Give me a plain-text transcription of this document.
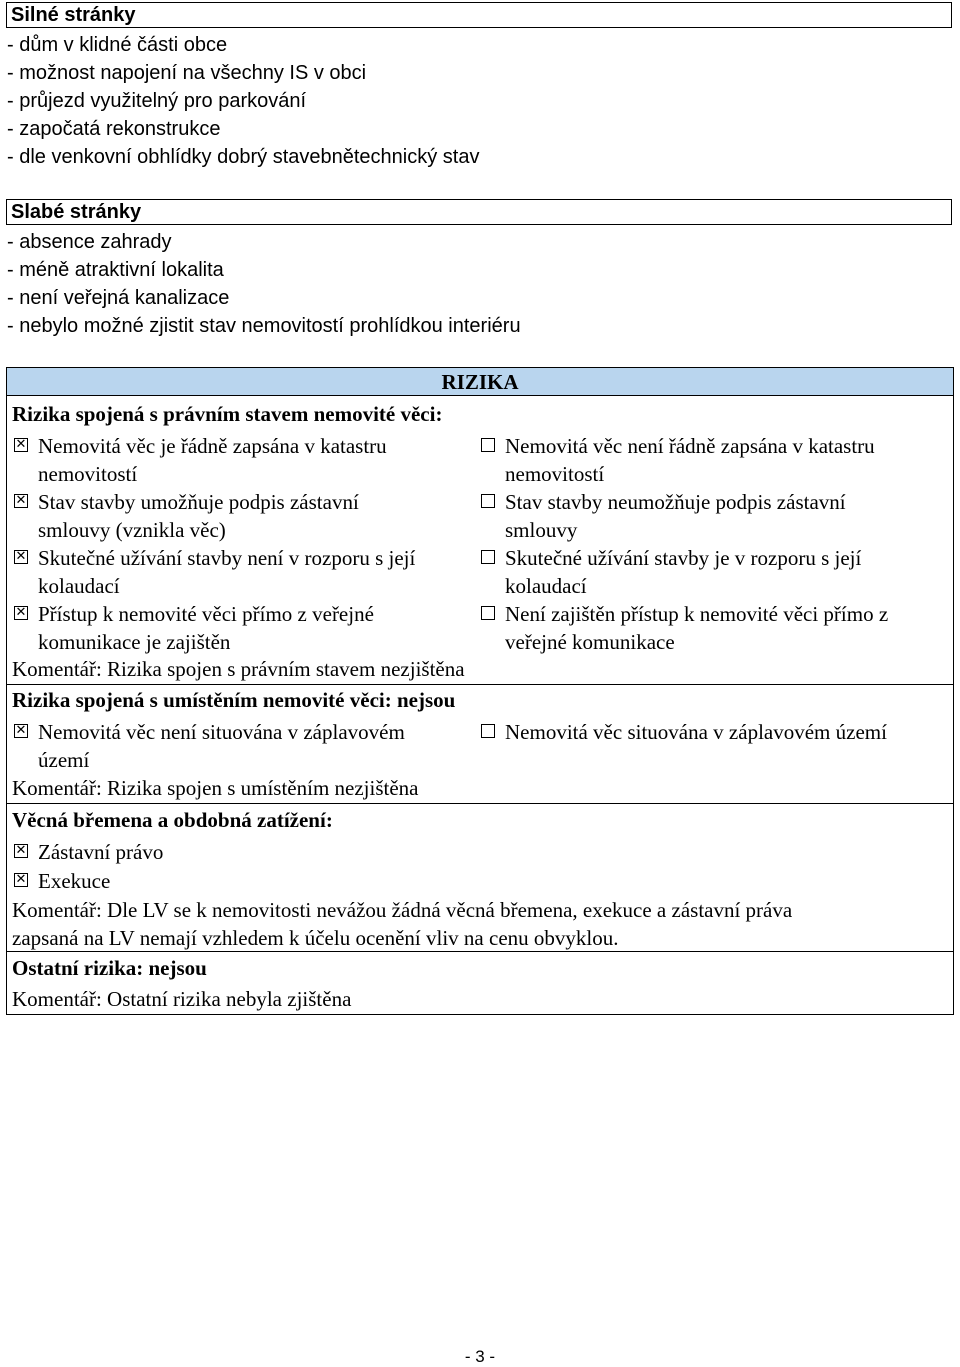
Silné stránky
- dům v klidné části obce
- možnost napojení na všechny IS v obci
- průjezd využitelný pro parkování
- započatá rekonstrukce
- dle venkovní obhlídky dobrý stavebnětechnický stav
Slabé stránky
- absence zahrady
- méně atraktivní lokalita
- není veřejná kanalizace
- nebylo možné zjistit stav nemovitostí prohlídkou interiéru
RIZIKA
Rizika spojená s právním stavem nemovité věci:
✕ Nemovitá věc je řádně zapsána v katastru
nemovitostí
Nemovitá věc není řádně zapsána v katastru
nemovitostí
✕ Stav stavby umožňuje podpis zástavní
smlouvy (vznikla věc)
Stav stavby neumožňuje podpis zástavní
smlouvy
✕ Skutečné užívání stavby není v rozporu s její
kolaudací
Skutečné užívání stavby je v rozporu s její
kolaudací
✕ Přístup k nemovité věci přímo z veřejné
komunikace je zajištěn
Není zajištěn přístup k nemovité věci přímo z
veřejné komunikace
Komentář: Rizika spojen s právním stavem nezjištěna
Rizika spojená s umístěním nemovité věci: nejsou
✕ Nemovitá věc není situována v záplavovém
území
Nemovitá věc situována v záplavovém území
Komentář: Rizika spojen s umístěním nezjištěna
Věcná břemena a obdobná zatížení:
✕ Zástavní právo
✕ Exekuce
Komentář: Dle LV se k nemovitosti nevážou žádná věcná břemena, exekuce a zástavní práva
zapsaná na LV nemají vzhledem k účelu ocenění vliv na cenu obvyklou.
Ostatní rizika: nejsou
Komentář: Ostatní rizika nebyla zjištěna
- 3 -
